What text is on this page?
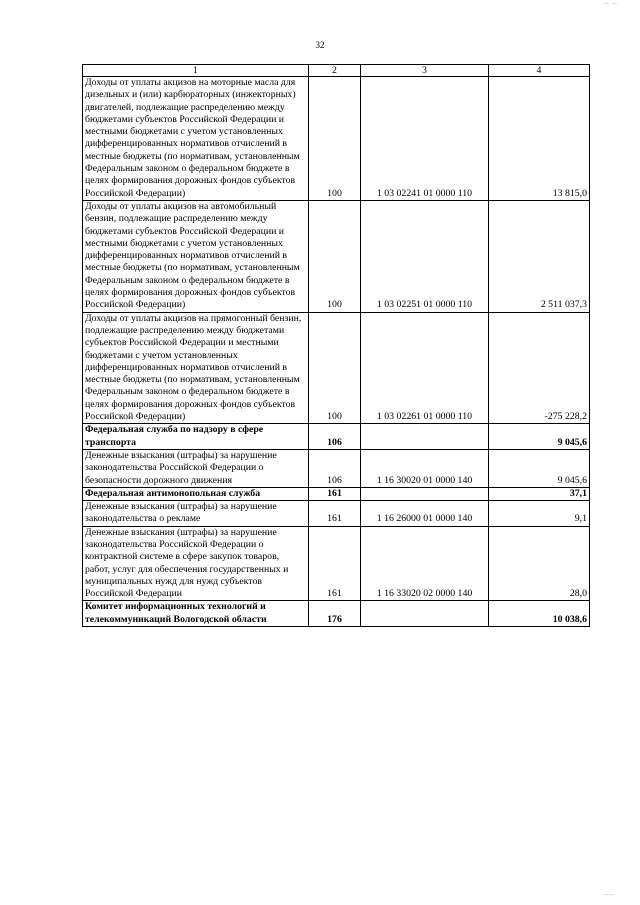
— —
32
1	2	3	4
Доходы от уплаты акцизов на моторные масла для дизельных и (или) карбюраторных (инжекторных) двигателей, подлежащие распределению между бюджетами субъектов Российской Федерации и местными бюджетами с учетом установленных дифференцированных нормативов отчислений в местные бюджеты (по нормативам, установленным Федеральным законом о федеральном бюджете в целях формирования дорожных фондов субъектов Российской Федерации)	100	1 03 02241 01 0000 110	13 815,0
Доходы от уплаты акцизов на автомобильный бензин, подлежащие распределению между бюджетами субъектов Российской Федерации и местными бюджетами с учетом установленных дифференцированных нормативов отчислений в местные бюджеты (по нормативам, установленным Федеральным законом о федеральном бюджете в целях формирования дорожных фондов субъектов Российской Федерации)	100	1 03 02251 01 0000 110	2 511 037,3
Доходы от уплаты акцизов на прямогонный бензин, подлежащие распределению между бюджетами субъектов Российской Федерации и местными бюджетами с учетом установленных дифференцированных нормативов отчислений в местные бюджеты (по нормативам, установленным Федеральным законом о федеральном бюджете в целях формирования дорожных фондов субъектов Российской Федерации)	100	1 03 02261 01 0000 110	-275 228,2
Федеральная служба по надзору в сфере транспорта	106		9 045,6
Денежные взыскания (штрафы) за нарушение законодательства Российской Федерации о безопасности дорожного движения	106	1 16 30020 01 0000 140	9 045,6
Федеральная антимонопольная служба	161		37,1
Денежные взыскания (штрафы) за нарушение законодательства о рекламе	161	1 16 26000 01 0000 140	9,1
Денежные взыскания (штрафы) за нарушение законодательства Российской Федерации о контрактной системе в сфере закупок товаров, работ, услуг для обеспечения государственных и муниципальных нужд для нужд субъектов Российской Федерации	161	1 16 33020 02 0000 140	28,0
Комитет информационных технологий и телекоммуникаций Вологодской области	176		10 038,6
—— ·
